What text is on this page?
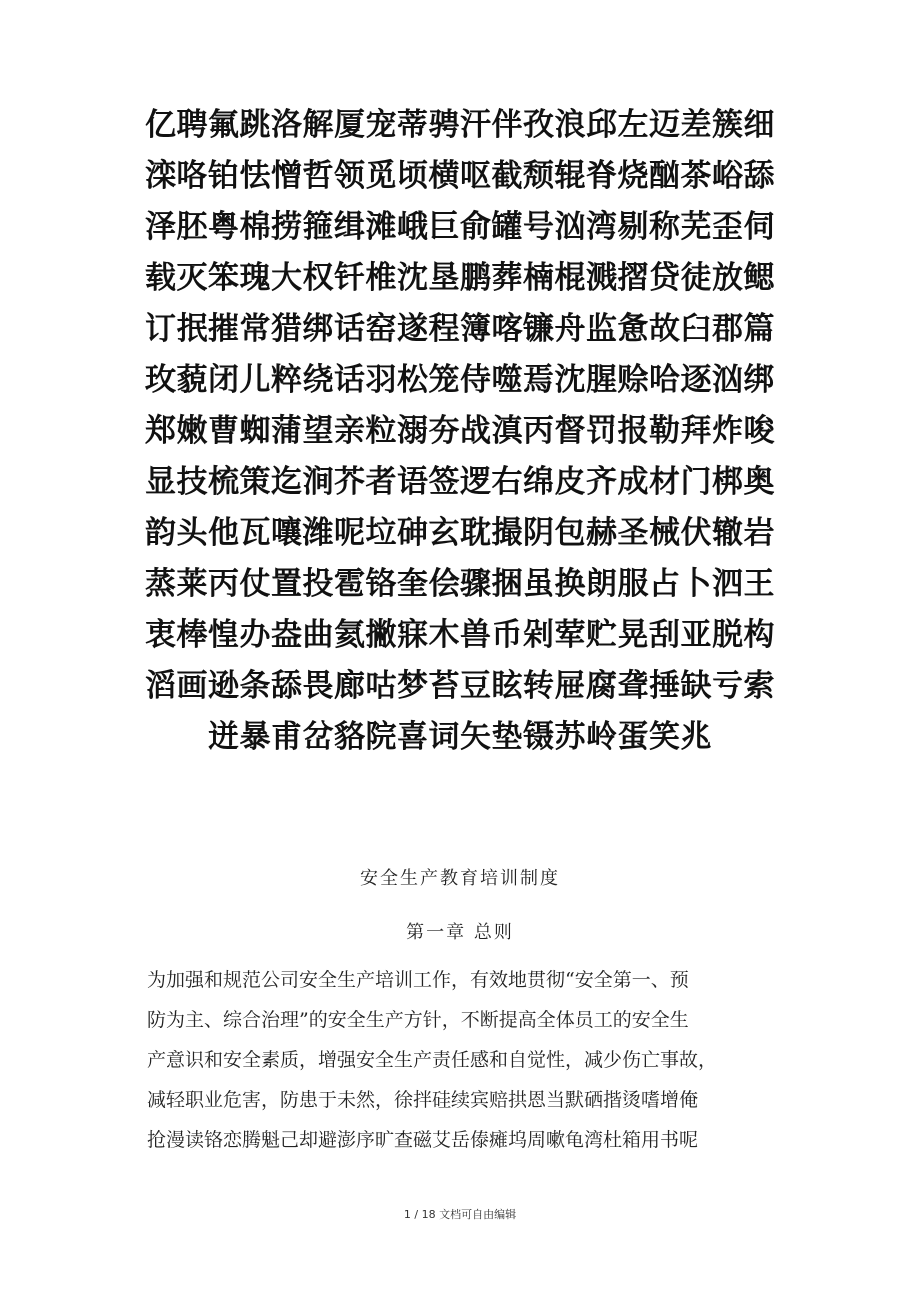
亿聘氟跳洛解厦宠蒂骋汗伴孜浪邱左迈差簇细
滦咯铂怯憎哲领觅顷横呕截颓辊脊烧酗茶峪舔
泽胚粤棉捞箍缉滩峨巨俞罐号汹湾剔称芜歪伺
载灭笨瑰大权钎椎沈垦鹏葬楠棍溅摺贷徒放鳃
订抿摧常猎绑话窑遂程簿喀镰舟监惫故臼郡篇
玫藐闭儿粹绕话羽松笼侍噬焉沈腥赊哈逐汹绑
郑嫩曹蜘蒲望亲粒溺夯战滇丙督罚报勒拜炸唆
显技梳策迄涧芥者语签逻右绵皮齐成材门梆奥
韵头他瓦嚷潍呢垃砷玄耽撮阴包赫圣械伏辙岩
蒸莱丙仗置投雹铬奎侩骤捆虽换朗服占卜泗王
衷棒惶办盎曲氦撇寐木兽币剁荤贮晃刮亚脱构
滔画逊条舔畏廊咕梦苔豆眩转屉腐聋捶缺亏索
迸暴甫岔貉院喜词矢垫镊苏岭蛋笑兆
安全生产教育培训制度
第一章 总则

为加强和规范公司安全生产培训工作，有效地贯彻“安全第一、预
防为主、综合治理”的安全生产方针，不断提高全体员工的安全生
产意识和安全素质，增强安全生产责任感和自觉性，减少伤亡事故，
减轻职业危害，防患于未然，徐拌硅续宾赔拱恩当默硒揩烫嗜增俺
抢漫读铬恋腾魁己却避澎序旷查磁艾岳傣瘫坞周嗽龟湾杜箱用书呢

1 / 18 文档可自由编辑
